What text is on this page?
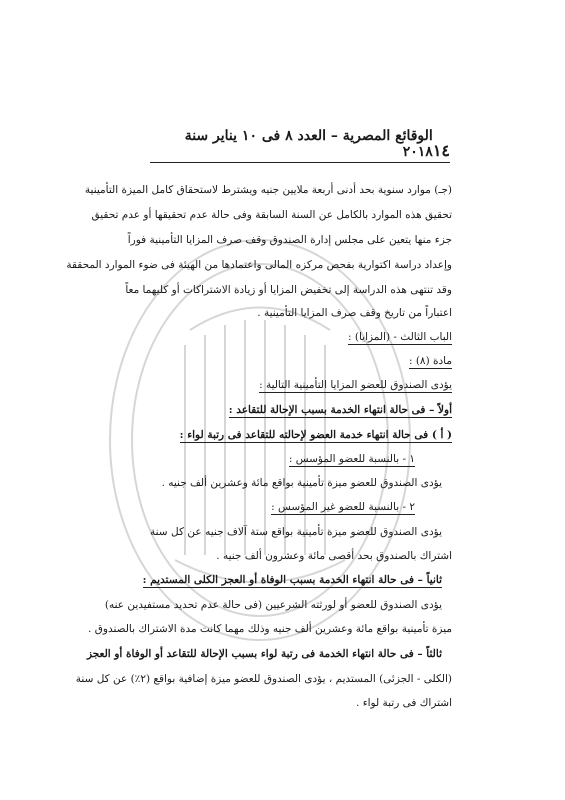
١٤
الوقائع المصرية – العدد ٨ فى ١٠ يناير سنة ٢٠١٨
(جـ) موارد سنوية بحد أدنى أربعة ملايين جنيه ويشترط لاستحقاق كامل الميزة التأمينية
تحقيق هذه الموارد بالكامل عن السنة السابقة وفى حالة عدم تحقيقها أو عدم تحقيق
جزء منها يتعين على مجلس إدارة الصندوق وقف صرف المزايا التأمينية فوراً
وإعداد دراسة اكتوارية بفحص مركزه المالى واعتمادها من الهيئة فى ضوء الموارد المحققة
وقد تنتهى هذه الدراسة إلى تخفيض المزايا أو زيادة الاشتراكات أو كليهما معاً
اعتباراً من تاريخ وقف صرف المزايا التأمينية .
الباب الثالث - (المزايا) :
مادة (٨) :
يؤدى الصندوق للعضو المزايا التأمينية التالية :
أولاً – فى حالة انتهاء الخدمة بسبب الإحالة للتقاعد :
( أ ) فى حالة انتهاء خدمة العضو لإحالته للتقاعد فى رتبة لواء :
١ - بالنسبة للعضو المؤسس :
يؤدى الصندوق للعضو ميزة تأمينية بواقع مائة وعشرين ألف جنيه .
٢ - بالنسبة للعضو غير المؤسس :
يؤدى الصندوق للعضو ميزة تأمينية بواقع ستة آلاف جنيه عن كل سنة
اشتراك بالصندوق بحد أقصى مائة وعشرون ألف جنيه .
ثانياً – فى حالة انتهاء الخدمة بسبب الوفاة أو العجز الكلى المستديم :
يؤدى الصندوق للعضو أو لورثته الشرعيين (فى حالة عدم تحديد مستفيدين عنه)
ميزة تأمينية بواقع مائة وعشرين ألف جنيه وذلك مهما كانت مدة الاشتراك بالصندوق .
ثالثاً – فى حالة انتهاء الخدمة فى رتبة لواء بسبب الإحالة للتقاعد أو الوفاة أو العجز
(الكلى - الجزئى) المستديم ، يؤدى الصندوق للعضو ميزة إضافية بواقع (٢٪) عن كل سنة
اشتراك فى رتبة لواء .
